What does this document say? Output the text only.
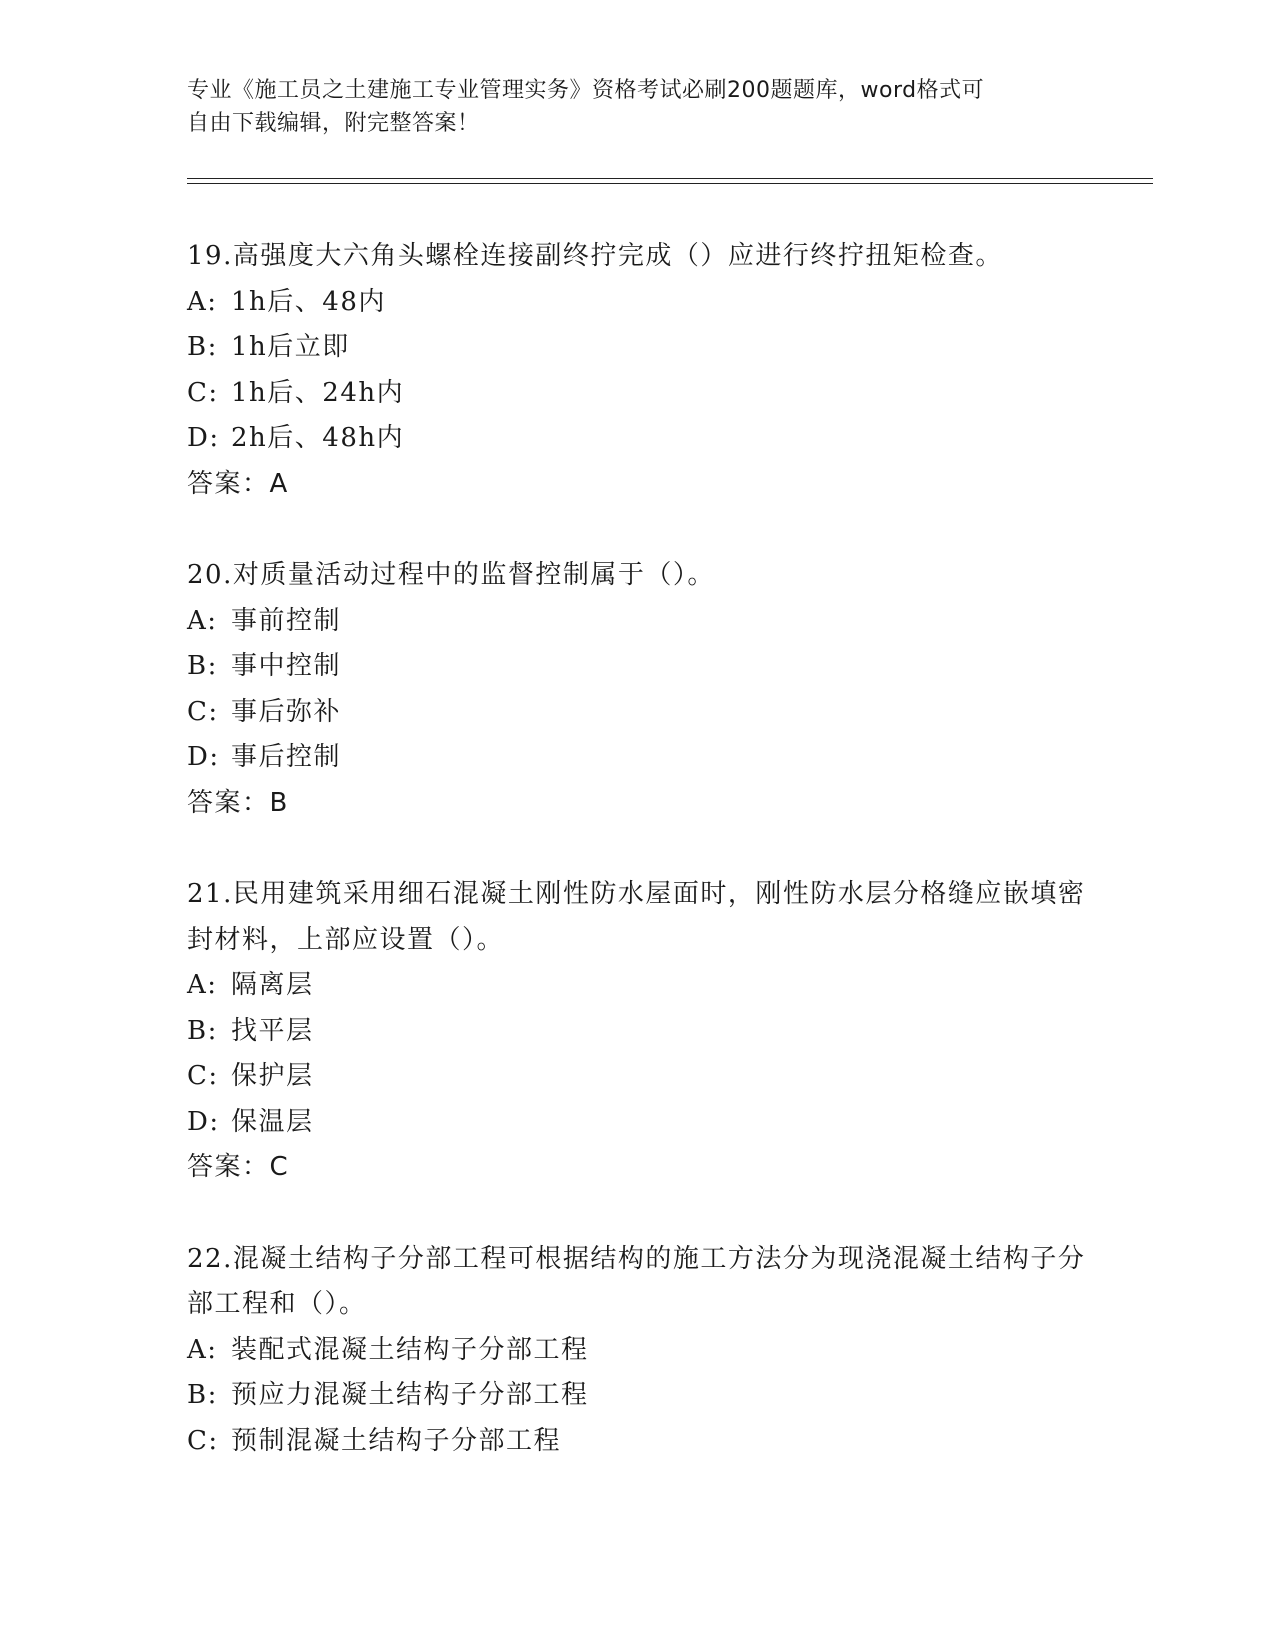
专业《施工员之土建施工专业管理实务》资格考试必刷200题题库，word格式可
自由下载编辑，附完整答案！

19.高强度大六角头螺栓连接副终拧完成（）应进行终拧扭矩检查。

A: 1h后、48内

B: 1h后立即

C: 1h后、24h内

D: 2h后、48h内

答案：A

20.对质量活动过程中的监督控制属于（）。

A: 事前控制

B: 事中控制

C: 事后弥补

D: 事后控制

答案：B

21.民用建筑采用细石混凝土刚性防水屋面时，刚性防水层分格缝应嵌填密封材料，上部应设置（）。

A: 隔离层

B: 找平层

C: 保护层

D: 保温层

答案：C

22.混凝土结构子分部工程可根据结构的施工方法分为现浇混凝土结构子分部工程和（）。

A: 装配式混凝土结构子分部工程

B: 预应力混凝土结构子分部工程

C: 预制混凝土结构子分部工程
